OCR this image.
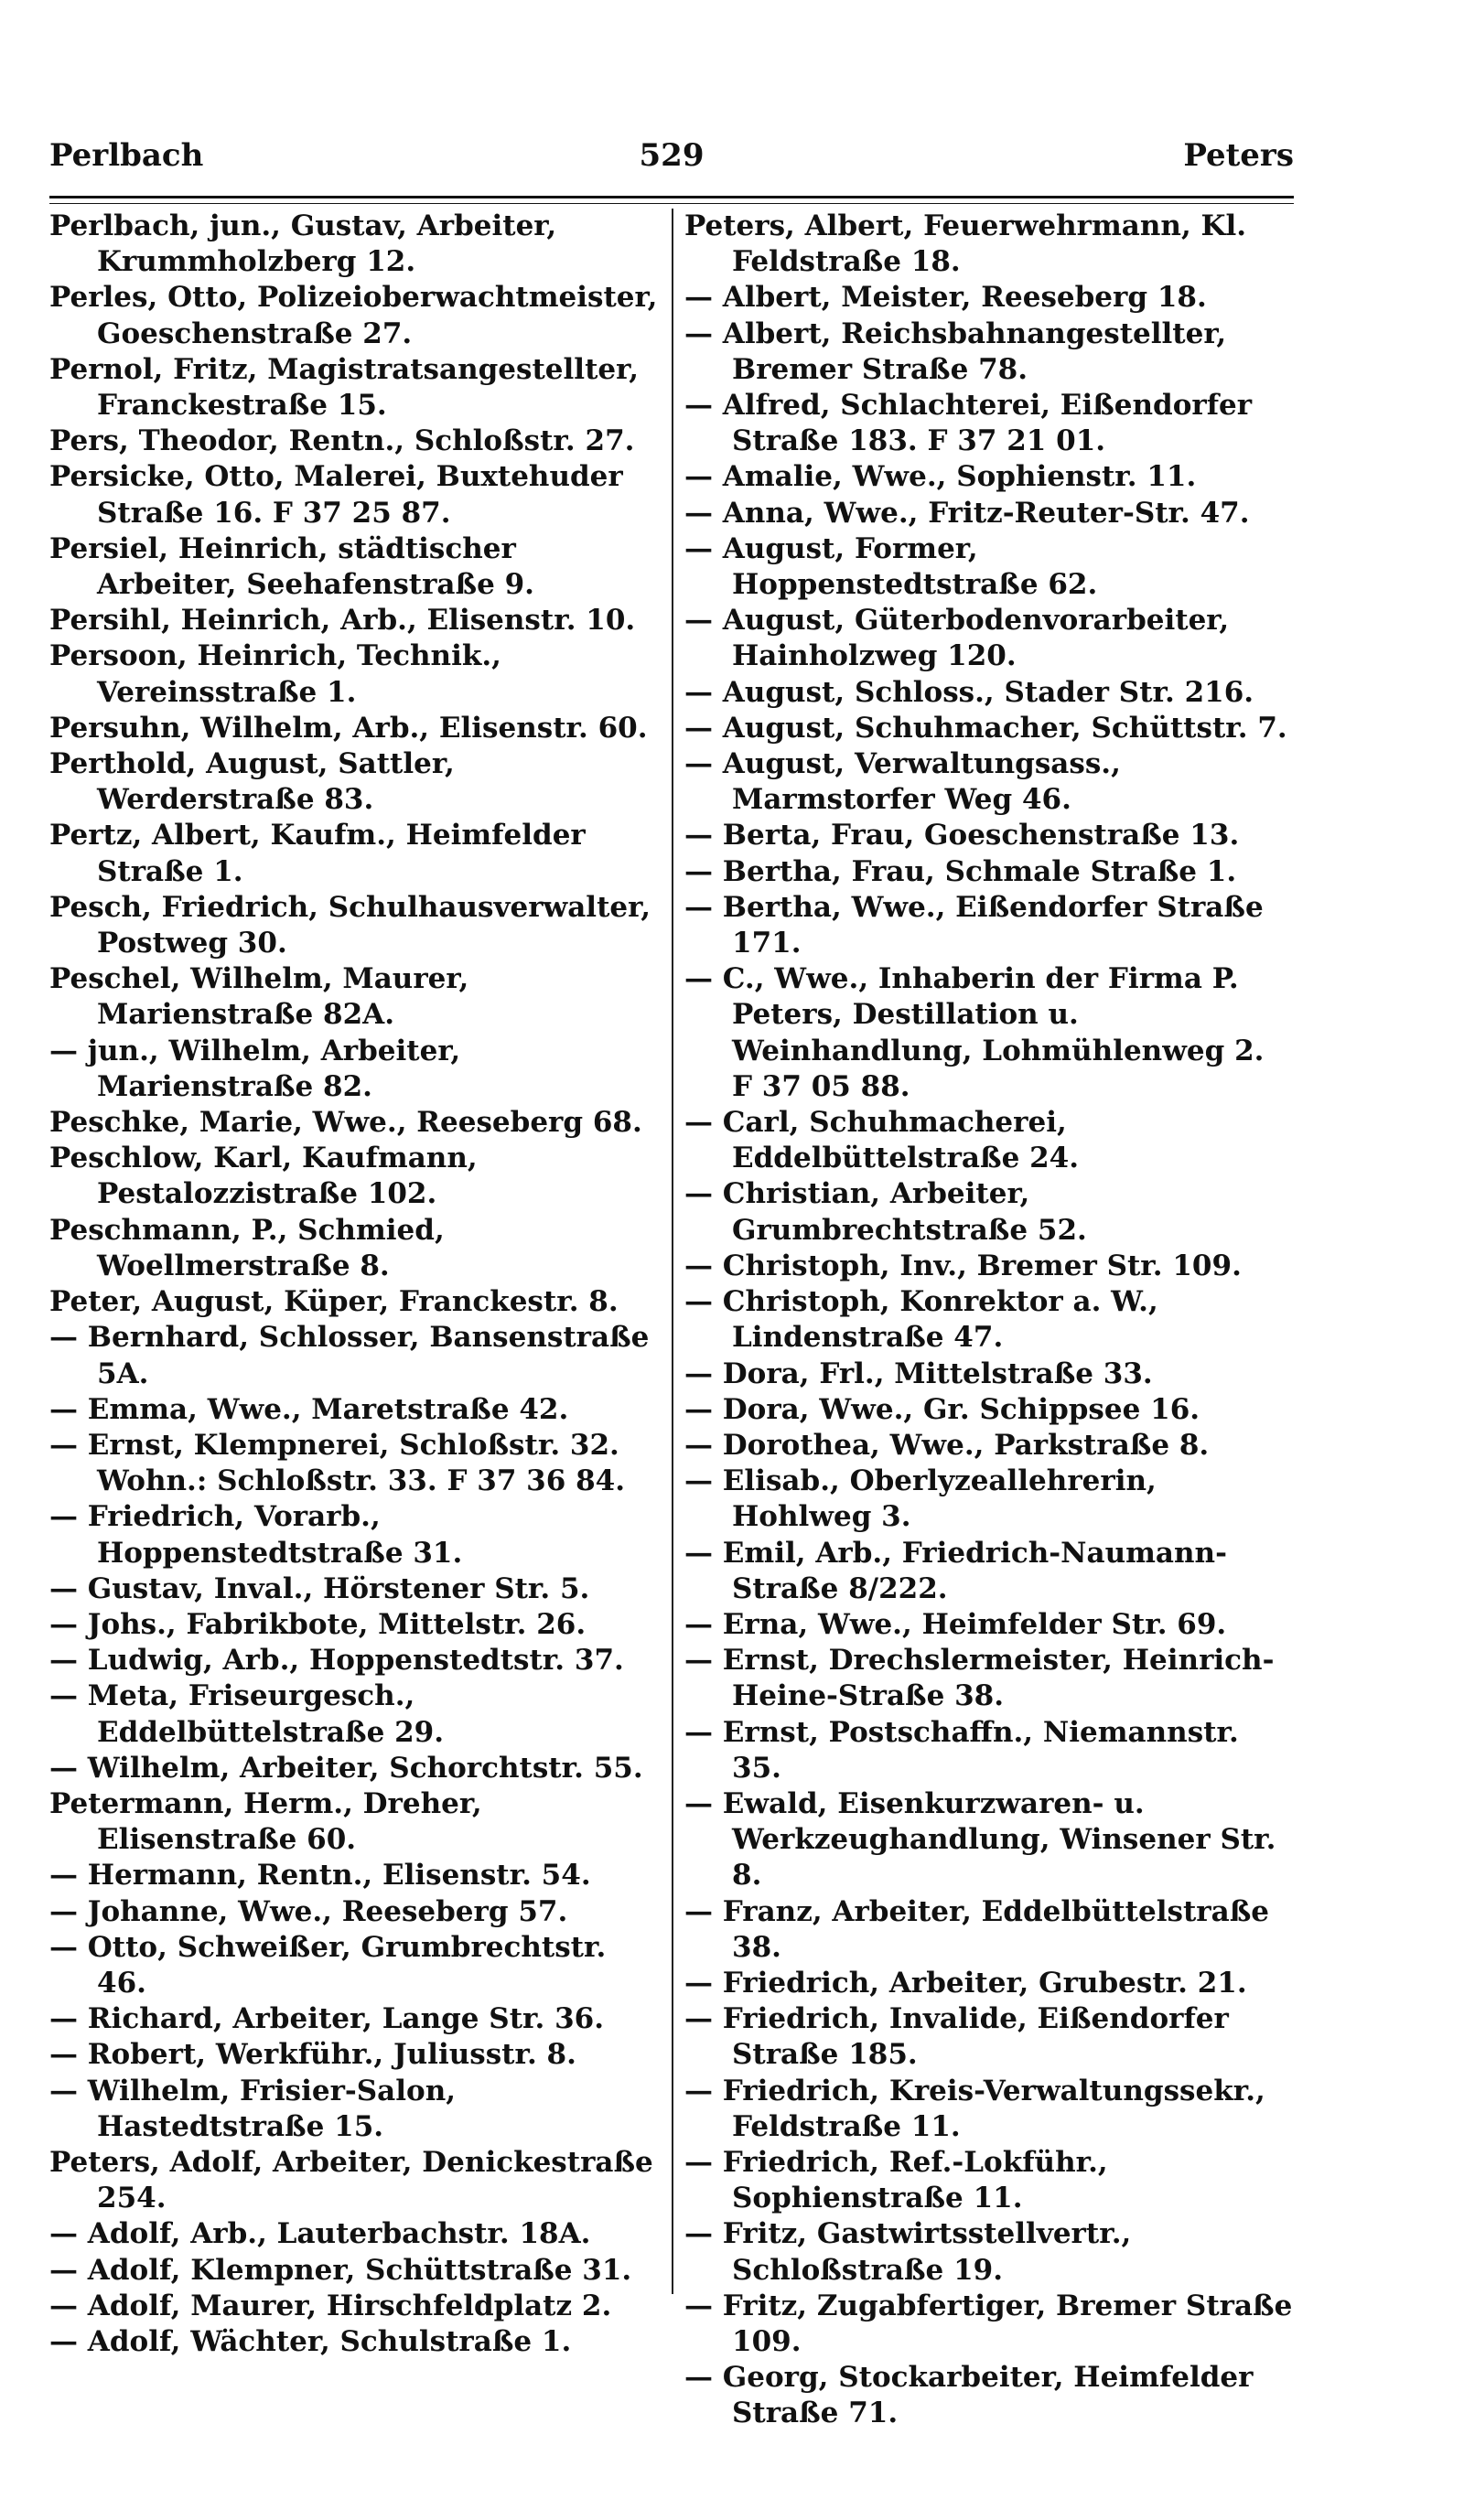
Perlbach	529	Peters

Perlbach, jun., Gustav, Arbeiter, Krummholzberg 12.

Perles, Otto, Polizeioberwachtmeister, Goeschenstraße 27.

Pernol, Fritz, Magistratsangestellter, Franckestraße 15.

Pers, Theodor, Rentn., Schloßstr. 27.

Persicke, Otto, Malerei, Buxtehuder Straße 16. F 37 25 87.

Persiel, Heinrich, städtischer Arbeiter, Seehafenstraße 9.

Persihl, Heinrich, Arb., Elisenstr. 10.

Persoon, Heinrich, Technik., Vereinsstraße 1.

Persuhn, Wilhelm, Arb., Elisenstr. 60.

Perthold, August, Sattler, Werderstraße 83.

Pertz, Albert, Kaufm., Heimfelder Straße 1.

Pesch, Friedrich, Schulhausverwalter, Postweg 30.

Peschel, Wilhelm, Maurer, Marienstraße 82A.

— jun., Wilhelm, Arbeiter, Marienstraße 82.

Peschke, Marie, Wwe., Reeseberg 68.

Peschlow, Karl, Kaufmann, Pestalozzistraße 102.

Peschmann, P., Schmied, Woellmerstraße 8.

Peter, August, Küper, Franckestr. 8.

— Bernhard, Schlosser, Bansenstraße 5A.

— Emma, Wwe., Maretstraße 42.

— Ernst, Klempnerei, Schloßstr. 32. Wohn.: Schloßstr. 33. F 37 36 84.

— Friedrich, Vorarb., Hoppenstedtstraße 31.

— Gustav, Inval., Hörstener Str. 5.

— Johs., Fabrikbote, Mittelstr. 26.

— Ludwig, Arb., Hoppenstedtstr. 37.

— Meta, Friseurgesch., Eddelbüttelstraße 29.

— Wilhelm, Arbeiter, Schorchtstr. 55.

Petermann, Herm., Dreher, Elisenstraße 60.

— Hermann, Rentn., Elisenstr. 54.

— Johanne, Wwe., Reeseberg 57.

— Otto, Schweißer, Grumbrechtstr. 46.

— Richard, Arbeiter, Lange Str. 36.

— Robert, Werkführ., Juliusstr. 8.

— Wilhelm, Frisier-Salon, Hastedtstraße 15.

Peters, Adolf, Arbeiter, Denickestraße 254.

— Adolf, Arb., Lauterbachstr. 18A.

— Adolf, Klempner, Schüttstraße 31.

— Adolf, Maurer, Hirschfeldplatz 2.

— Adolf, Wächter, Schulstraße 1.

Peters, Albert, Feuerwehrmann, Kl. Feldstraße 18.

— Albert, Meister, Reeseberg 18.

— Albert, Reichsbahnangestellter, Bremer Straße 78.

— Alfred, Schlachterei, Eißendorfer Straße 183. F 37 21 01.

— Amalie, Wwe., Sophienstr. 11.

— Anna, Wwe., Fritz-Reuter-Str. 47.

— August, Former, Hoppenstedtstraße 62.

— August, Güterbodenvorarbeiter, Hainholzweg 120.

— August, Schloss., Stader Str. 216.

— August, Schuhmacher, Schüttstr. 7.

— August, Verwaltungsass., Marmstorfer Weg 46.

— Berta, Frau, Goeschenstraße 13.

— Bertha, Frau, Schmale Straße 1.

— Bertha, Wwe., Eißendorfer Straße 171.

— C., Wwe., Inhaberin der Firma P. Peters, Destillation u. Weinhandlung, Lohmühlenweg 2. F 37 05 88.

— Carl, Schuhmacherei, Eddelbüttelstraße 24.

— Christian, Arbeiter, Grumbrechtstraße 52.

— Christoph, Inv., Bremer Str. 109.

— Christoph, Konrektor a. W., Lindenstraße 47.

— Dora, Frl., Mittelstraße 33.

— Dora, Wwe., Gr. Schippsee 16.

— Dorothea, Wwe., Parkstraße 8.

— Elisab., Oberlyzeallehrerin, Hohlweg 3.

— Emil, Arb., Friedrich-Naumann-Straße 8/222.

— Erna, Wwe., Heimfelder Str. 69.

— Ernst, Drechslermeister, Heinrich-Heine-Straße 38.

— Ernst, Postschaffn., Niemannstr. 35.

— Ewald, Eisenkurzwaren- u. Werkzeughandlung, Winsener Str. 8.

— Franz, Arbeiter, Eddelbüttelstraße 38.

— Friedrich, Arbeiter, Grubestr. 21.

— Friedrich, Invalide, Eißendorfer Straße 185.

— Friedrich, Kreis-Verwaltungssekr., Feldstraße 11.

— Friedrich, Ref.-Lokführ., Sophienstraße 11.

— Fritz, Gastwirtsstellvertr., Schloßstraße 19.

— Fritz, Zugabfertiger, Bremer Straße 109.

— Georg, Stockarbeiter, Heimfelder Straße 71.
